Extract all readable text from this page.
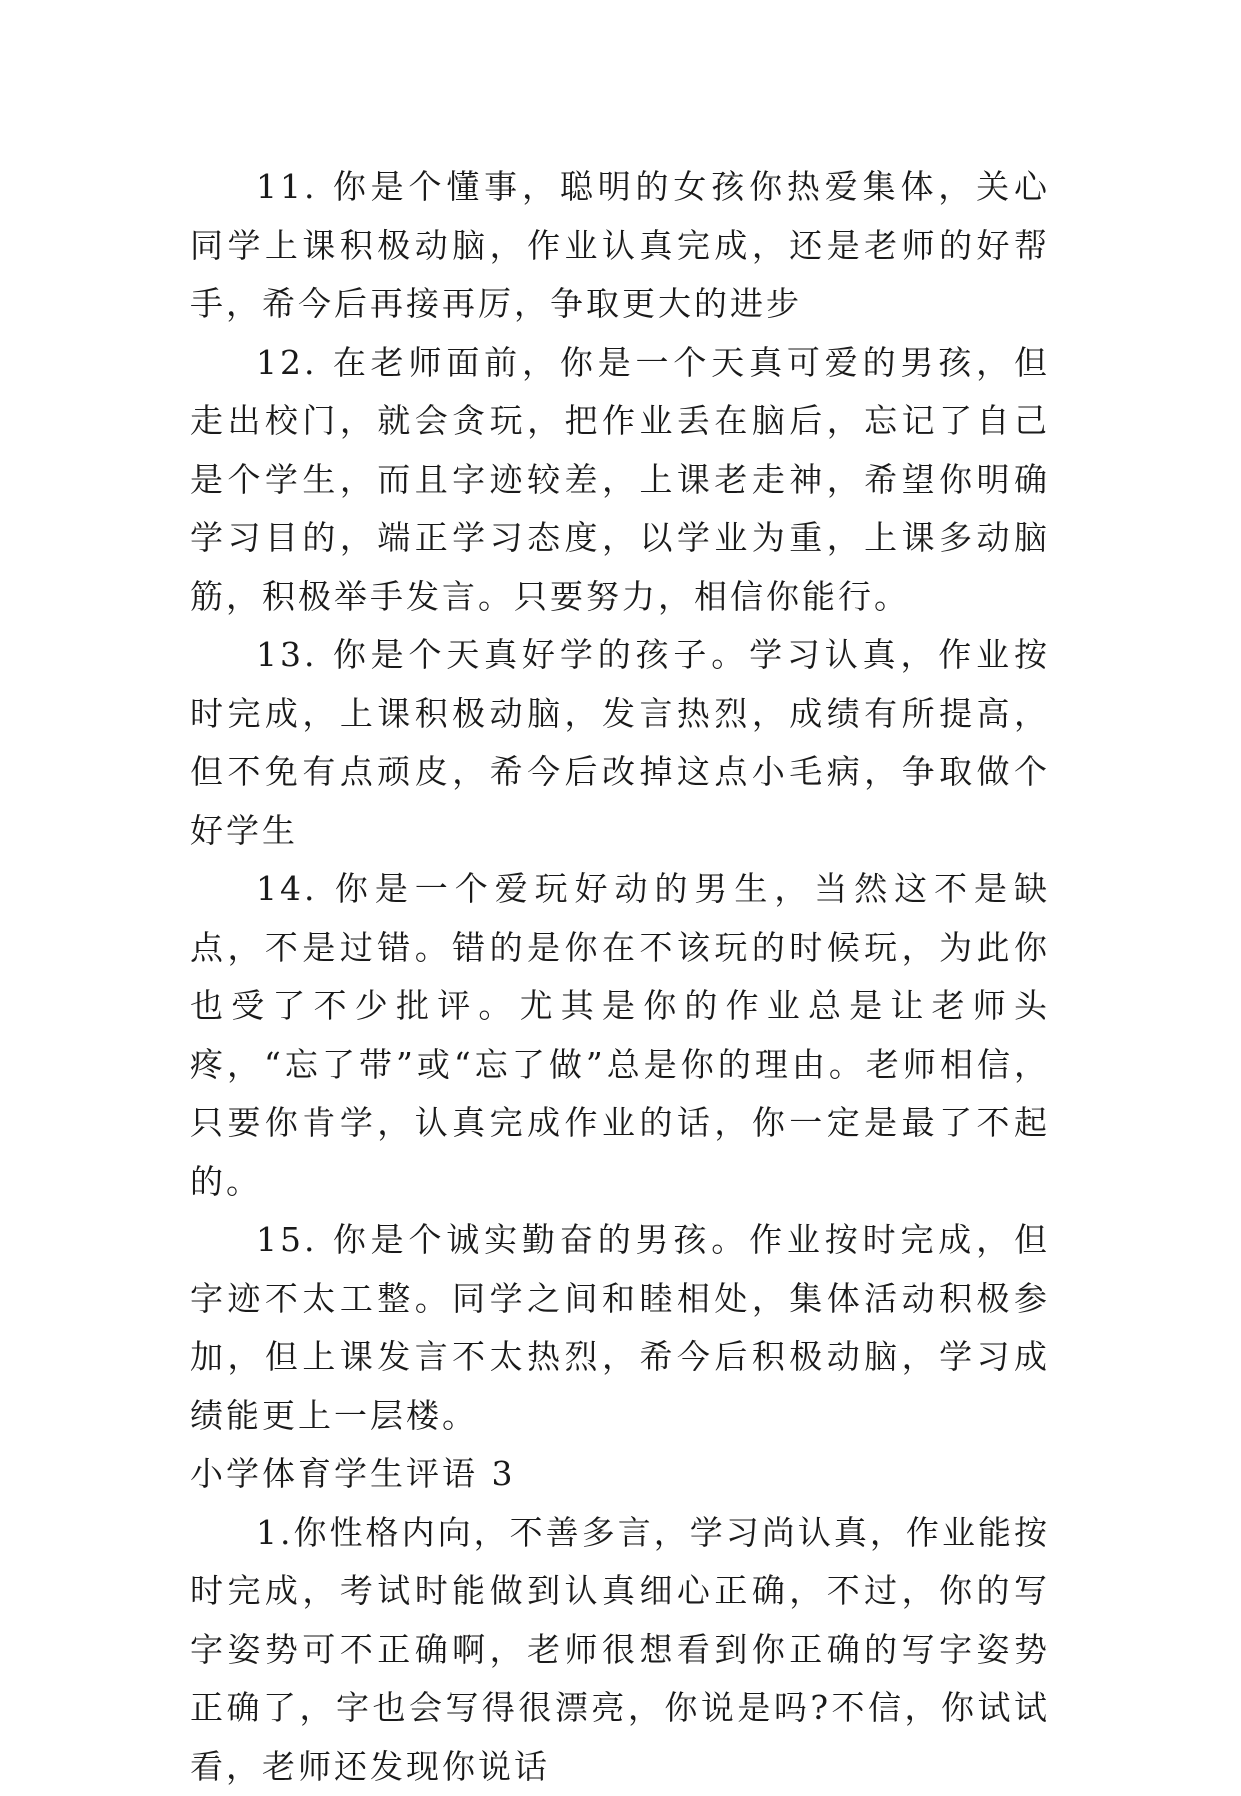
11. 你是个懂事，聪明的女孩你热爱集体，关心同学上课积极动脑，作业认真完成，还是老师的好帮手，希今后再接再厉，争取更大的进步

12. 在老师面前，你是一个天真可爱的男孩，但走出校门，就会贪玩，把作业丢在脑后，忘记了自己是个学生，而且字迹较差，上课老走神，希望你明确学习目的，端正学习态度，以学业为重，上课多动脑筋，积极举手发言。只要努力，相信你能行。

13. 你是个天真好学的孩子。学习认真，作业按时完成，上课积极动脑，发言热烈，成绩有所提高，但不免有点顽皮，希今后改掉这点小毛病，争取做个好学生

14. 你是一个爱玩好动的男生，当然这不是缺点，不是过错。错的是你在不该玩的时候玩，为此你也受了不少批评。尤其是你的作业总是让老师头疼，“忘了带”或“忘了做”总是你的理由。老师相信，只要你肯学，认真完成作业的话，你一定是最了不起的。

15. 你是个诚实勤奋的男孩。作业按时完成，但字迹不太工整。同学之间和睦相处，集体活动积极参加，但上课发言不太热烈，希今后积极动脑，学习成绩能更上一层楼。

小学体育学生评语 3

1.你性格内向，不善多言，学习尚认真，作业能按时完成，考试时能做到认真细心正确，不过，你的写字姿势可不正确啊，老师很想看到你正确的写字姿势正确了，字也会写得很漂亮，你说是吗?不信，你试试看，老师还发现你说话
